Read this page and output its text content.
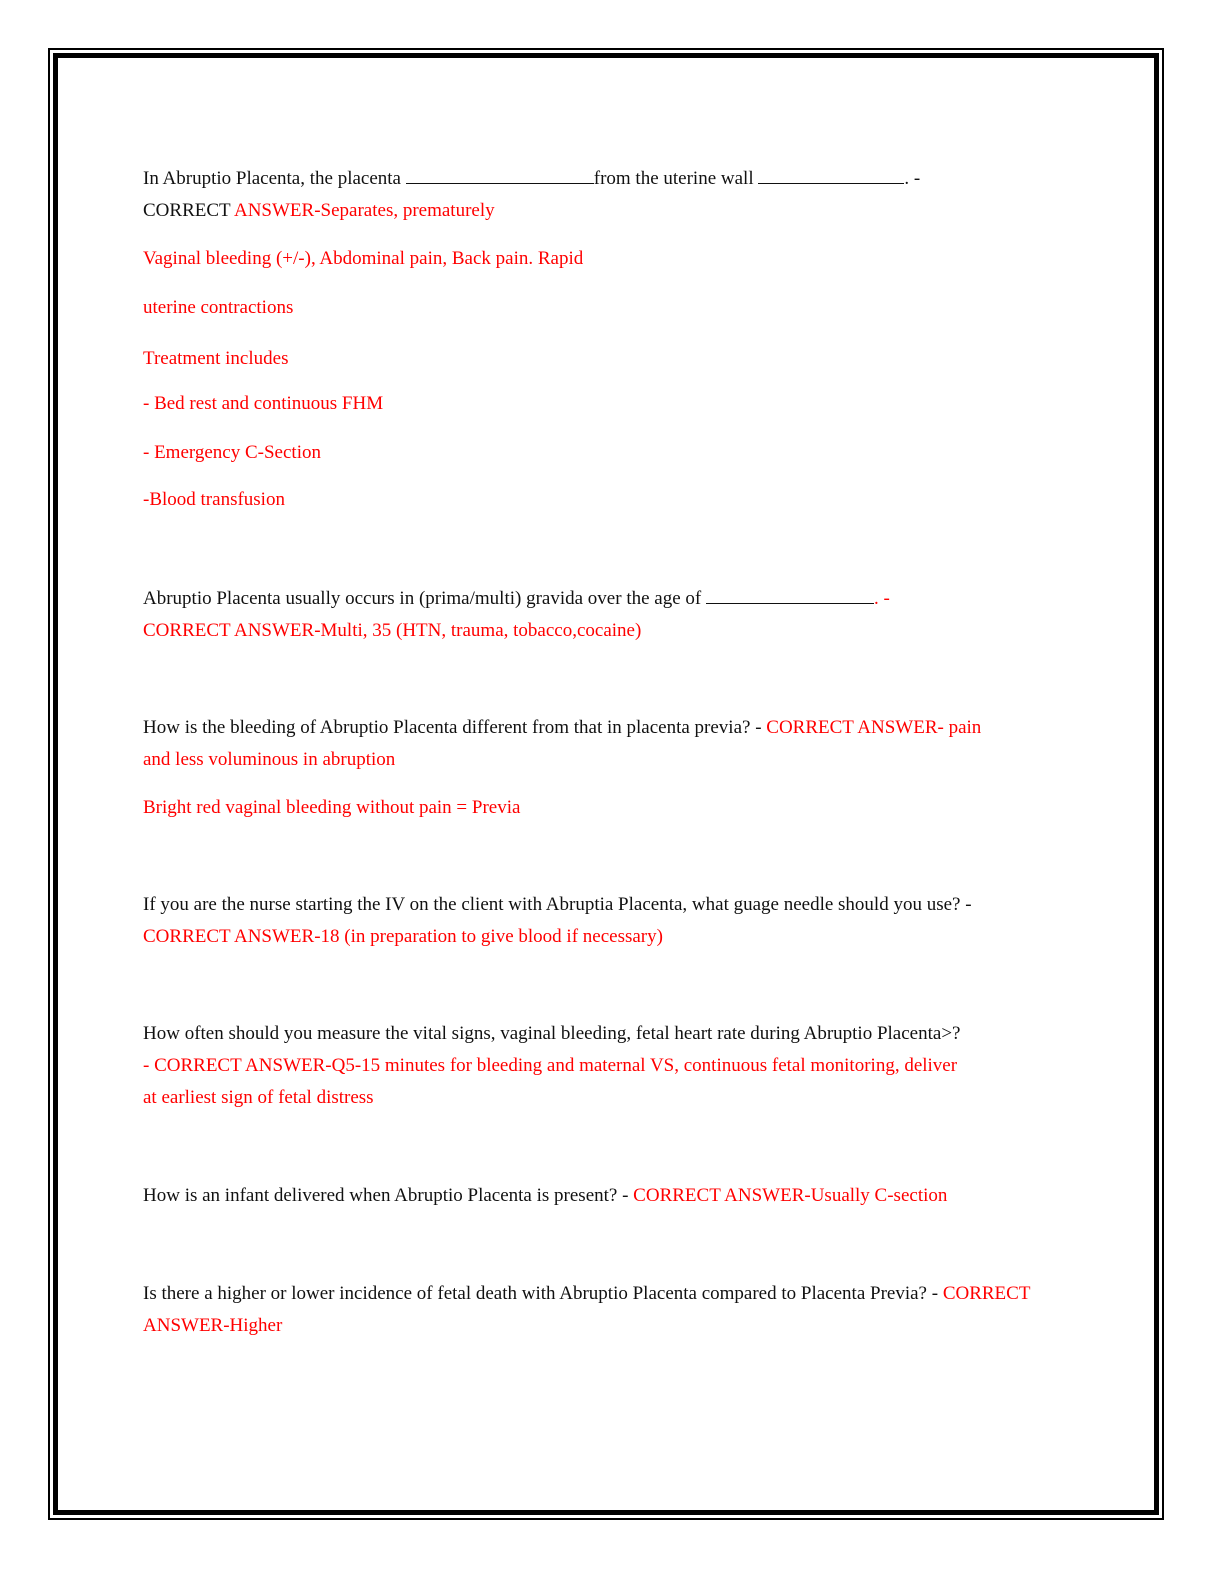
In Abruptio Placenta, the placenta	from the uterine wall	. -
CORRECT ANSWER-Separates, prematurely
Vaginal bleeding (+/-), Abdominal pain, Back pain. Rapid
uterine contractions
Treatment includes
- Bed rest and continuous FHM
- Emergency C-Section
-Blood transfusion
Abruptio Placenta usually occurs in (prima/multi) gravida over the age of	. -
CORRECT ANSWER-Multi, 35 (HTN, trauma, tobacco,cocaine)
How is the bleeding of Abruptio Placenta different from that in placenta previa? - CORRECT ANSWER- pain
and less voluminous in abruption
Bright red vaginal bleeding without pain = Previa
If you are the nurse starting the IV on the client with Abruptia Placenta, what guage needle should you use? -
CORRECT ANSWER-18 (in preparation to give blood if necessary)
How often should you measure the vital signs, vaginal bleeding, fetal heart rate during Abruptio Placenta>?
- CORRECT ANSWER-Q5-15 minutes for bleeding and maternal VS, continuous fetal monitoring, deliver
at earliest sign of fetal distress
How is an infant delivered when Abruptio Placenta is present? - CORRECT ANSWER-Usually C-section
Is there a higher or lower incidence of fetal death with Abruptio Placenta compared to Placenta Previa? - CORRECT
ANSWER-Higher
